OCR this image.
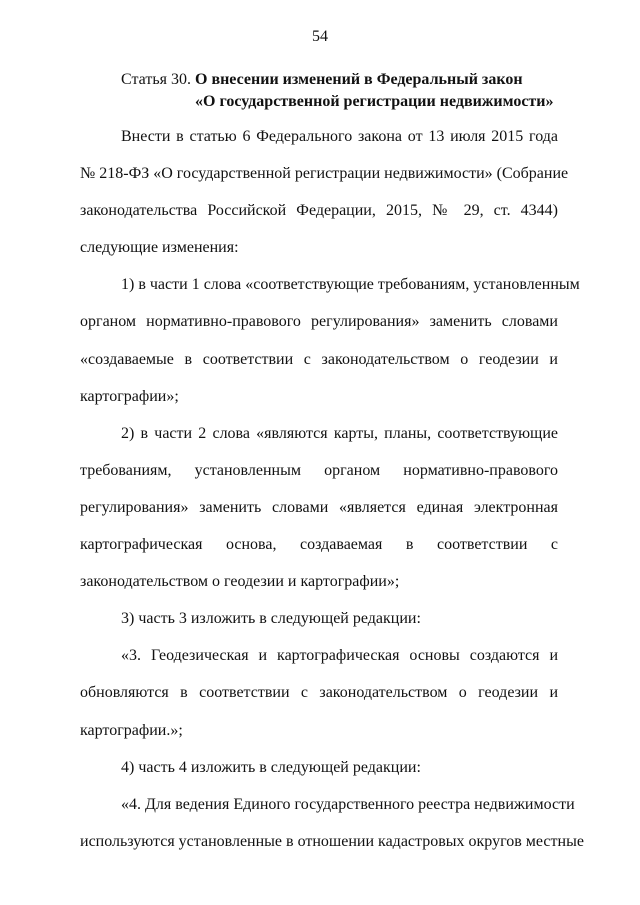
54
Статья 30. О внесении изменений в Федеральный закон
«О государственной регистрации недвижимости»
Внести в статью 6 Федерального закона от 13 июля 2015 года
№ 218-ФЗ «О государственной регистрации недвижимости» (Собрание
законодательства Российской Федерации, 2015, № 29, ст. 4344)
следующие изменения:
1) в части 1 слова «соответствующие требованиям, установленным
органом нормативно-правового регулирования» заменить словами
«создаваемые в соответствии с законодательством о геодезии и
картографии»;
2) в части 2 слова «являются карты, планы, соответствующие
требованиям, установленным органом нормативно-правового
регулирования» заменить словами «является единая электронная
картографическая основа, создаваемая в соответствии с
законодательством о геодезии и картографии»;
3) часть 3 изложить в следующей редакции:
«3. Геодезическая и картографическая основы создаются и
обновляются в соответствии с законодательством о геодезии и
картографии.»;
4) часть 4 изложить в следующей редакции:
«4. Для ведения Единого государственного реестра недвижимости
используются установленные в отношении кадастровых округов местные
